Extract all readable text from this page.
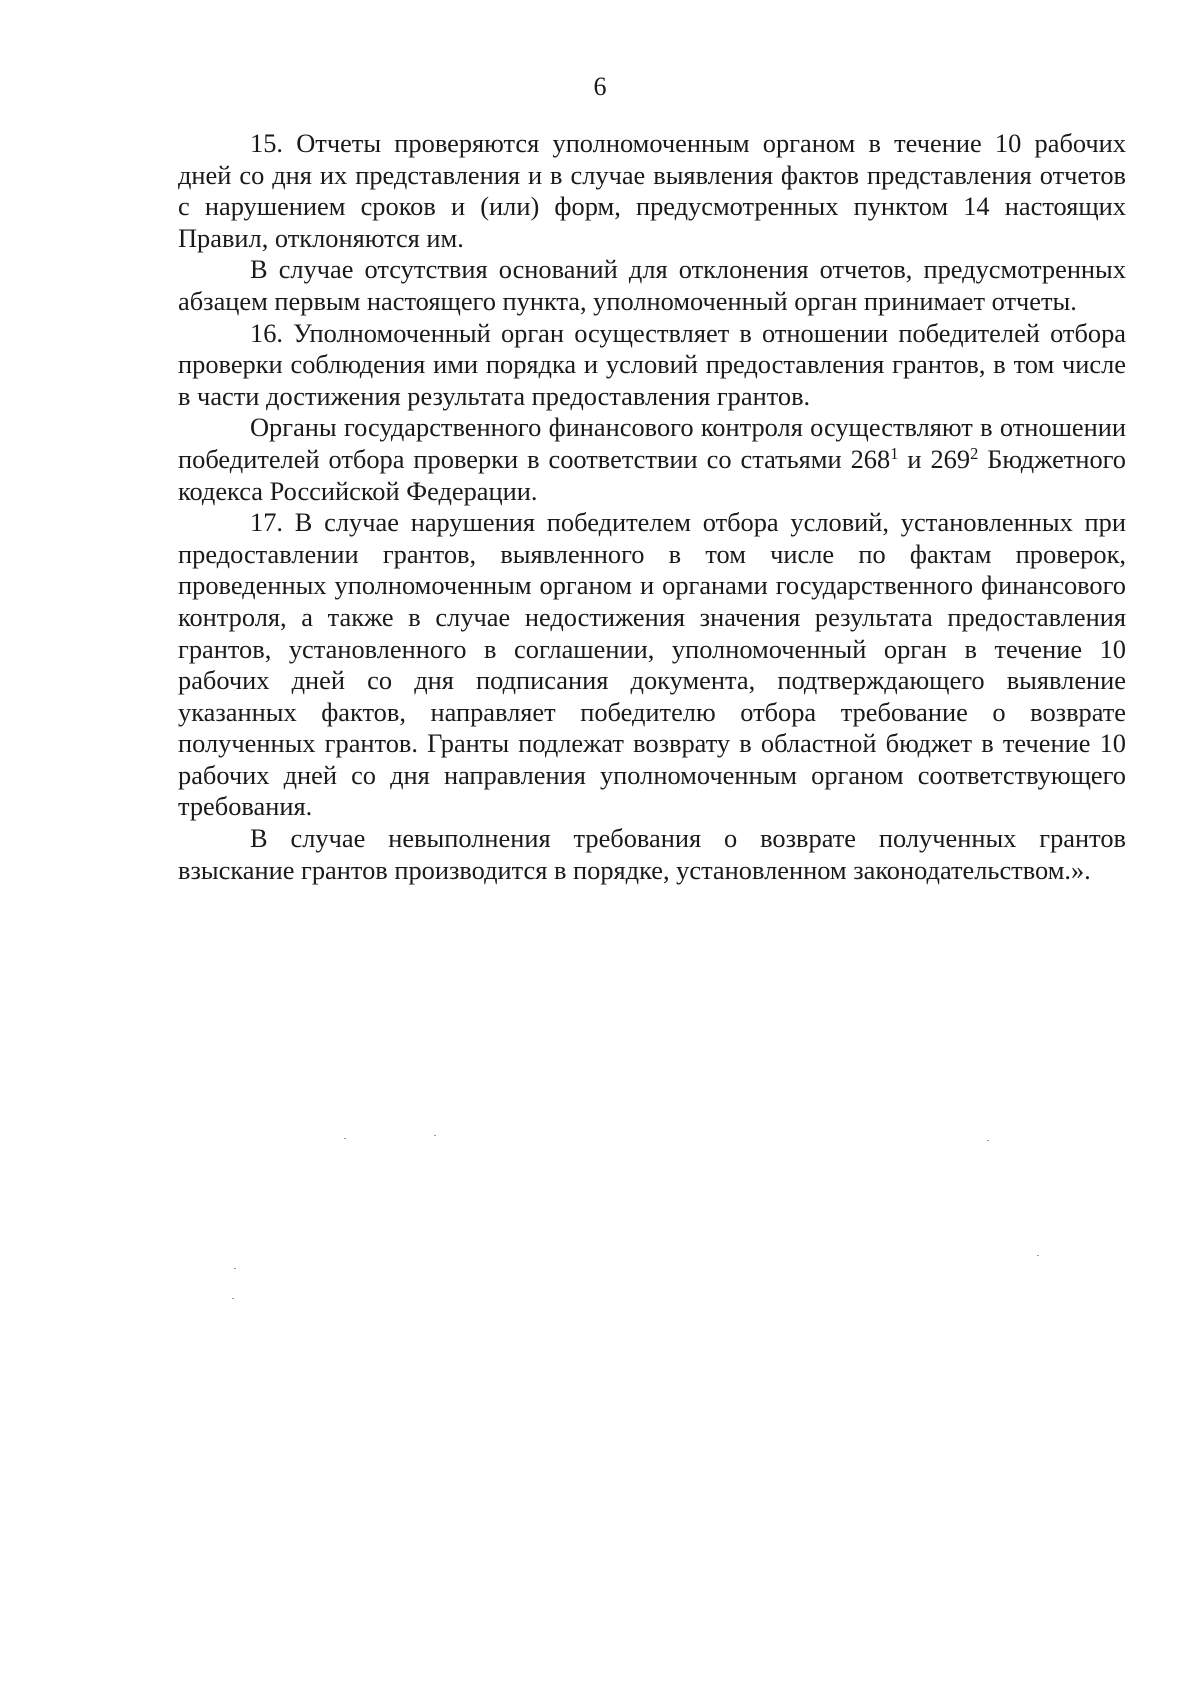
6

15. Отчеты проверяются уполномоченным органом в течение 10 рабочих дней со дня их представления и в случае выявления фактов представления отчетов с нарушением сроков и (или) форм, предусмотренных пунктом 14 настоящих Правил, отклоняются им.

В случае отсутствия оснований для отклонения отчетов, предусмотренных абзацем первым настоящего пункта, уполномоченный орган принимает отчеты.

16. Уполномоченный орган осуществляет в отношении победителей отбора проверки соблюдения ими порядка и условий предоставления грантов, в том числе в части достижения результата предоставления грантов.

Органы государственного финансового контроля осуществляют в отношении победителей отбора проверки в соответствии со статьями $268^1$ и $269^2$ Бюджетного кодекса Российской Федерации.

17. В случае нарушения победителем отбора условий, установленных при предоставлении грантов, выявленного в том числе по фактам проверок, проведенных уполномоченным органом и органами государственного финансового контроля, а также в случае недостижения значения результата предоставления грантов, установленного в соглашении, уполномоченный орган в течение 10 рабочих дней со дня подписания документа, подтверждающего выявление указанных фактов, направляет победителю отбора требование о возврате полученных грантов. Гранты подлежат возврату в областной бюджет в течение 10 рабочих дней со дня направления уполномоченным органом соответствующего требования.

В случае невыполнения требования о возврате полученных грантов взыскание грантов производится в порядке, установленном законодательством.».
